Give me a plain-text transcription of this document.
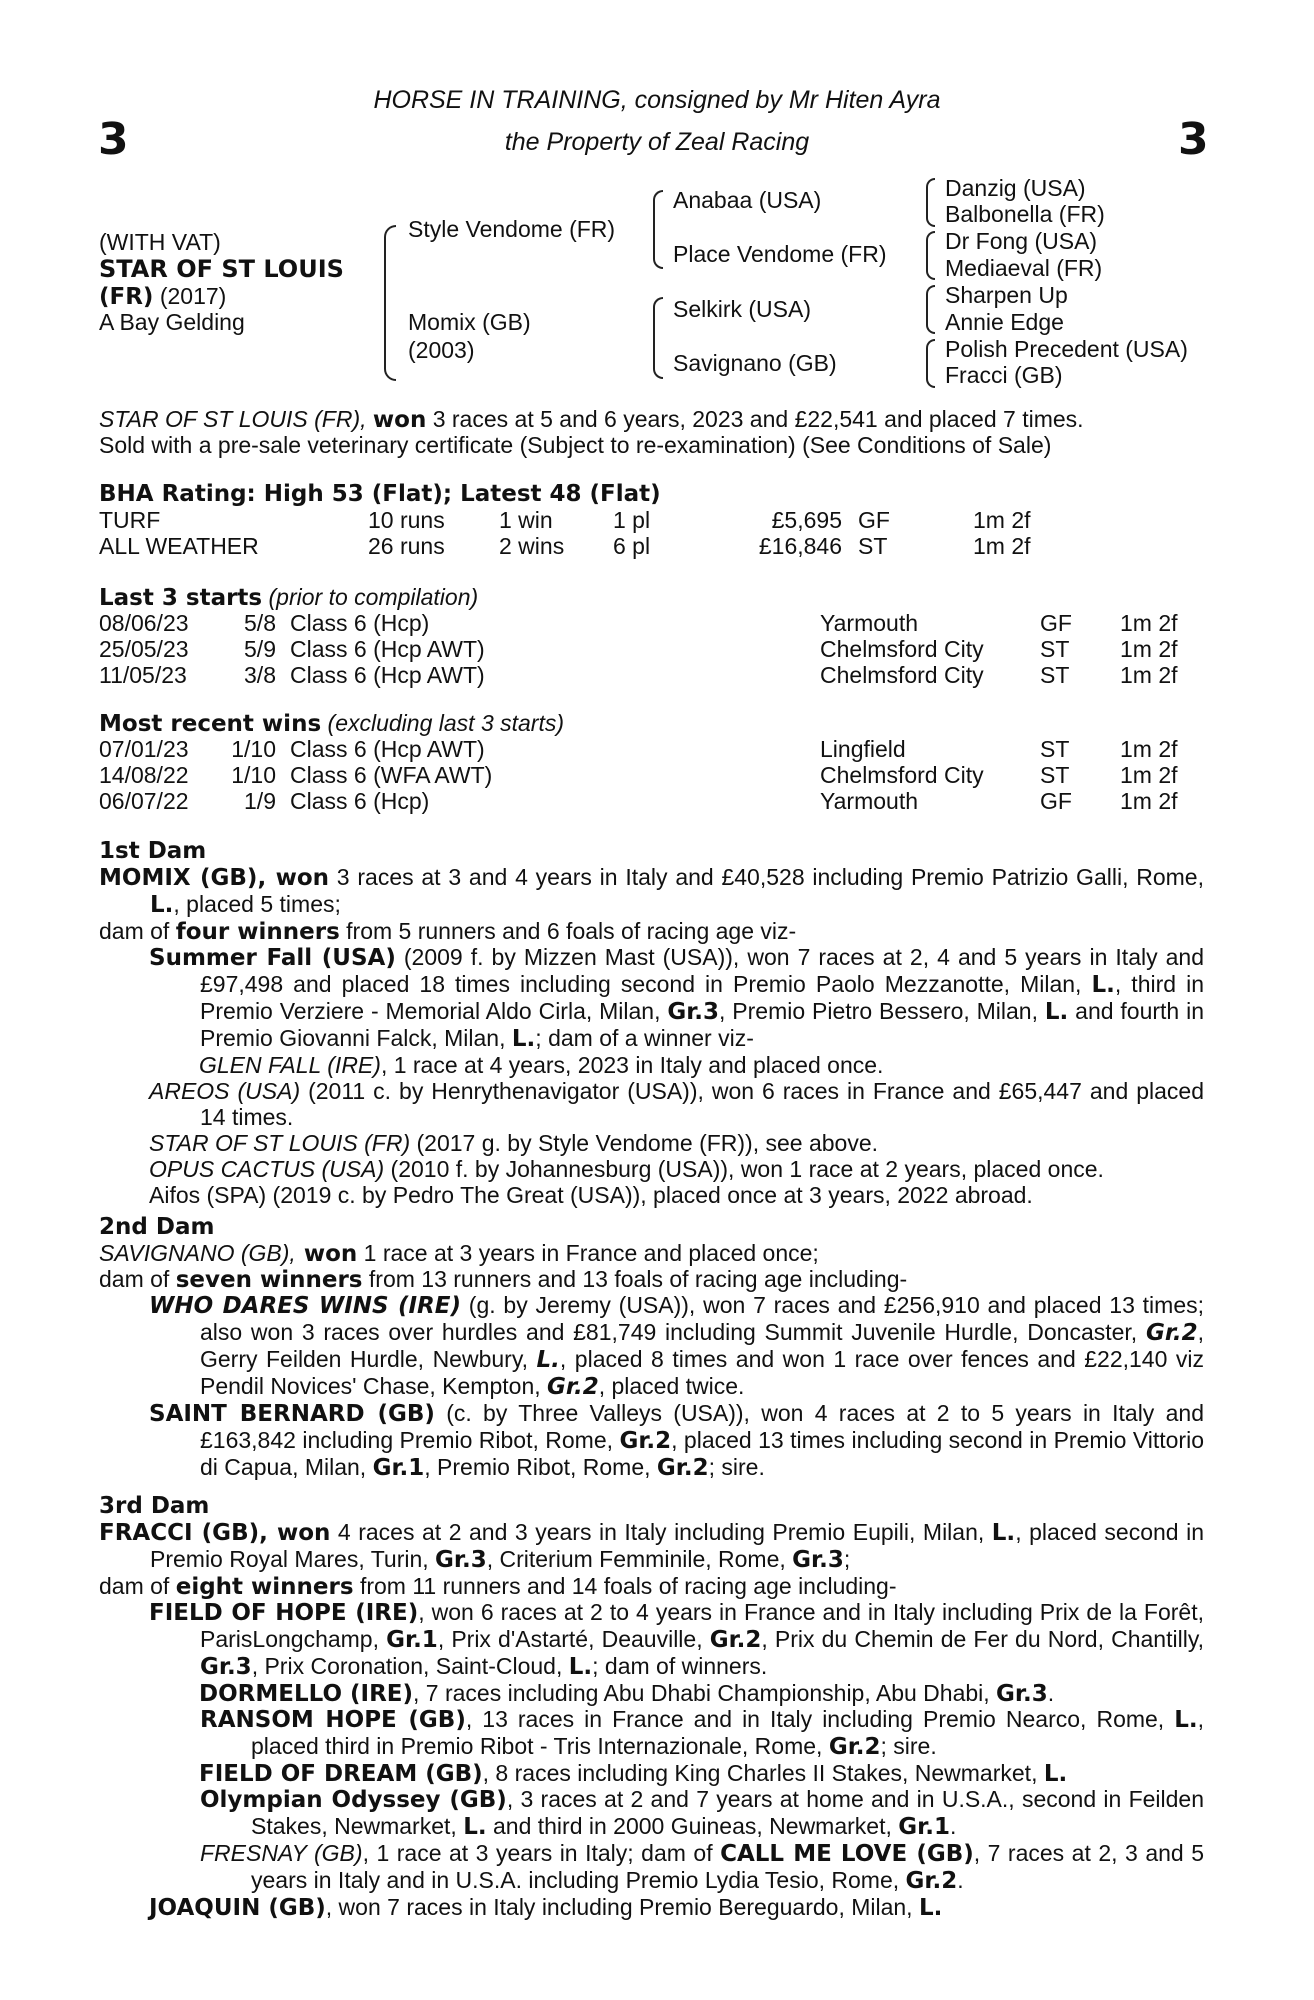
3	3
HORSE IN TRAINING, consigned by Mr Hiten Ayra
the Property of Zeal Racing
(WITH VAT)
STAR OF ST LOUIS
(FR) (2017)
A Bay Gelding
Style Vendome (FR)
Momix (GB)
(2003)
Anabaa (USA)
Place Vendome (FR)
Selkirk (USA)
Savignano (GB)
Danzig (USA)
Balbonella (FR)
Dr Fong (USA)
Mediaeval (FR)
Sharpen Up
Annie Edge
Polish Precedent (USA)
Fracci (GB)
STAR OF ST LOUIS (FR), won 3 races at 5 and 6 years, 2023 and £22,541 and placed 7 times.
Sold with a pre-sale veterinary certificate (Subject to re-examination) (See Conditions of Sale)
BHA Rating: High 53 (Flat); Latest 48 (Flat)
TURF	10 runs 1 win	1 pl	£5,695 GF	1m 2f
ALL WEATHER	26 runs 2 wins 6 pl	£16,846 ST	1m 2f
Last 3 starts (prior to compilation)
08/06/23	5/8 Class 6 (Hcp)	Yarmouth	GF 1m 2f
25/05/23	5/9 Class 6 (Hcp AWT)	Chelmsford City ST 1m 2f
11/05/23	3/8 Class 6 (Hcp AWT)	Chelmsford City ST 1m 2f
Most recent wins (excluding last 3 starts)
07/01/23 1/10 Class 6 (Hcp AWT)	Lingfield	ST 1m 2f
14/08/22 1/10 Class 6 (WFA AWT)	Chelmsford City ST 1m 2f
06/07/22	1/9 Class 6 (Hcp)	Yarmouth	GF 1m 2f
1st Dam

MOMIX (GB), won 3 races at 3 and 4 years in Italy and £40,528 including Premio Patrizio Galli, Rome, L., placed 5 times;

dam of four winners from 5 runners and 6 foals of racing age viz-

Summer Fall (USA) (2009 f. by Mizzen Mast (USA)), won 7 races at 2, 4 and 5 years in Italy and £97,498 and placed 18 times including second in Premio Paolo Mezzanotte, Milan, L., third in Premio Verziere - Memorial Aldo Cirla, Milan, Gr.3, Premio Pietro Bessero, Milan, L. and fourth in Premio Giovanni Falck, Milan, L.; dam of a winner viz-

GLEN FALL (IRE), 1 race at 4 years, 2023 in Italy and placed once.

AREOS (USA) (2011 c. by Henrythenavigator (USA)), won 6 races in France and £65,447 and placed 14 times.

STAR OF ST LOUIS (FR) (2017 g. by Style Vendome (FR)), see above.
OPUS CACTUS (USA) (2010 f. by Johannesburg (USA)), won 1 race at 2 years, placed once.
Aifos (SPA) (2019 c. by Pedro The Great (USA)), placed once at 3 years, 2022 abroad.
2nd Dam
SAVIGNANO (GB), won 1 race at 3 years in France and placed once;
dam of seven winners from 13 runners and 13 foals of racing age including-

WHO DARES WINS (IRE) (g. by Jeremy (USA)), won 7 races and £256,910 and placed 13 times; also won 3 races over hurdles and £81,749 including Summit Juvenile Hurdle, Doncaster, Gr.2, Gerry Feilden Hurdle, Newbury, L., placed 8 times and won 1 race over fences and £22,140 viz Pendil Novices' Chase, Kempton, Gr.2, placed twice.

SAINT BERNARD (GB) (c. by Three Valleys (USA)), won 4 races at 2 to 5 years in Italy and £163,842 including Premio Ribot, Rome, Gr.2, placed 13 times including second in Premio Vittorio di Capua, Milan, Gr.1, Premio Ribot, Rome, Gr.2; sire.

3rd Dam

FRACCI (GB), won 4 races at 2 and 3 years in Italy including Premio Eupili, Milan, L., placed second in Premio Royal Mares, Turin, Gr.3, Criterium Femminile, Rome, Gr.3;

dam of eight winners from 11 runners and 14 foals of racing age including-

FIELD OF HOPE (IRE), won 6 races at 2 to 4 years in France and in Italy including Prix de la Forêt, ParisLongchamp, Gr.1, Prix d'Astarté, Deauville, Gr.2, Prix du Chemin de Fer du Nord, Chantilly, Gr.3, Prix Coronation, Saint-Cloud, L.; dam of winners.

DORMELLO (IRE), 7 races including Abu Dhabi Championship, Abu Dhabi, Gr.3.

RANSOM HOPE (GB), 13 races in France and in Italy including Premio Nearco, Rome, L., placed third in Premio Ribot - Tris Internazionale, Rome, Gr.2; sire.

FIELD OF DREAM (GB), 8 races including King Charles II Stakes, Newmarket, L.

Olympian Odyssey (GB), 3 races at 2 and 7 years at home and in U.S.A., second in Feilden Stakes, Newmarket, L. and third in 2000 Guineas, Newmarket, Gr.1.

FRESNAY (GB), 1 race at 3 years in Italy; dam of CALL ME LOVE (GB), 7 races at 2, 3 and 5 years in Italy and in U.S.A. including Premio Lydia Tesio, Rome, Gr.2.

JOAQUIN (GB), won 7 races in Italy including Premio Bereguardo, Milan, L.
